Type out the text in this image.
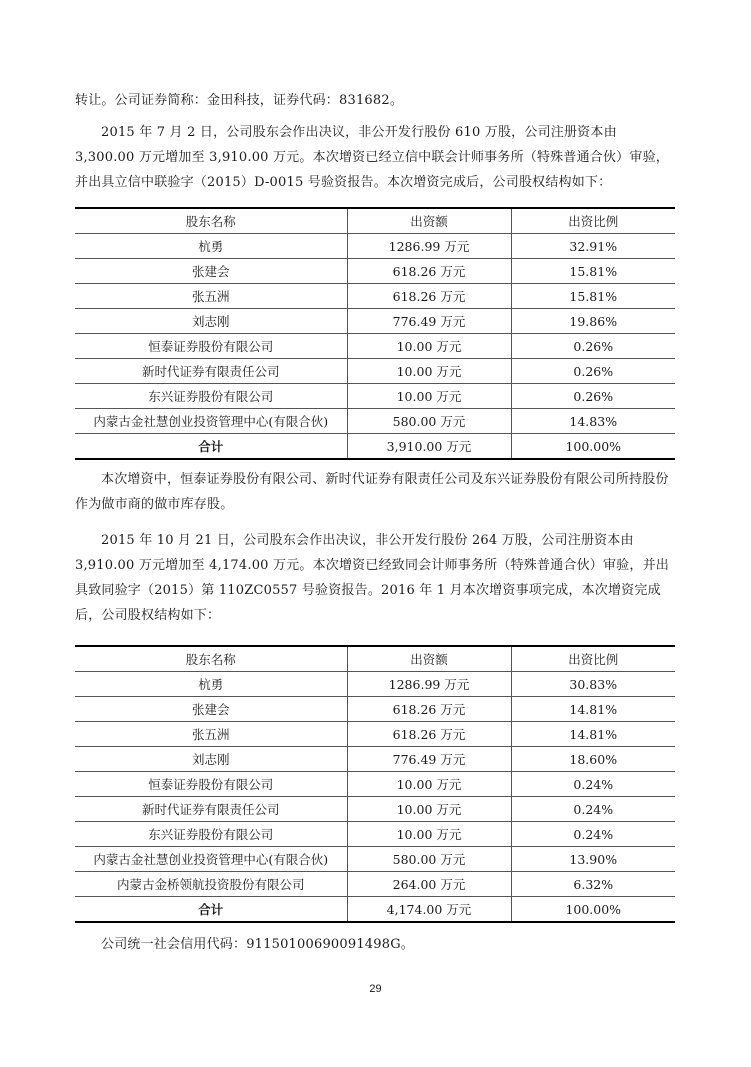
转让。公司证券简称：金田科技，证券代码：831682。

2015 年 7 月 2 日，公司股东会作出决议，非公开发行股份 610 万股，公司注册资本由 3,300.00 万元增加至 3,910.00 万元。本次增资已经立信中联会计师事务所（特殊普通合伙）审验，并出具立信中联验字（2015）D-0015 号验资报告。本次增资完成后，公司股权结构如下：

股东名称	出资额	出资比例
杭勇	1286.99 万元	32.91%
张建会	618.26 万元	15.81%
张五洲	618.26 万元	15.81%
刘志刚	776.49 万元	19.86%
恒泰证券股份有限公司	10.00 万元	0.26%
新时代证券有限责任公司	10.00 万元	0.26%
东兴证券股份有限公司	10.00 万元	0.26%
内蒙古金社慧创业投资管理中心(有限合伙)	580.00 万元	14.83%
合计	3,910.00 万元	100.00%

本次增资中，恒泰证券股份有限公司、新时代证券有限责任公司及东兴证券股份有限公司所持股份作为做市商的做市库存股。

2015 年 10 月 21 日，公司股东会作出决议，非公开发行股份 264 万股，公司注册资本由 3,910.00 万元增加至 4,174.00 万元。本次增资已经致同会计师事务所（特殊普通合伙）审验，并出具致同验字（2015）第 110ZC0557 号验资报告。2016 年 1 月本次增资事项完成，本次增资完成后，公司股权结构如下：

股东名称	出资额	出资比例
杭勇	1286.99 万元	30.83%
张建会	618.26 万元	14.81%
张五洲	618.26 万元	14.81%
刘志刚	776.49 万元	18.60%
恒泰证券股份有限公司	10.00 万元	0.24%
新时代证券有限责任公司	10.00 万元	0.24%
东兴证券股份有限公司	10.00 万元	0.24%
内蒙古金社慧创业投资管理中心(有限合伙)	580.00 万元	13.90%
内蒙古金桥领航投资股份有限公司	264.00 万元	6.32%
合计	4,174.00 万元	100.00%

公司统一社会信用代码：91150100690091498G。

29
